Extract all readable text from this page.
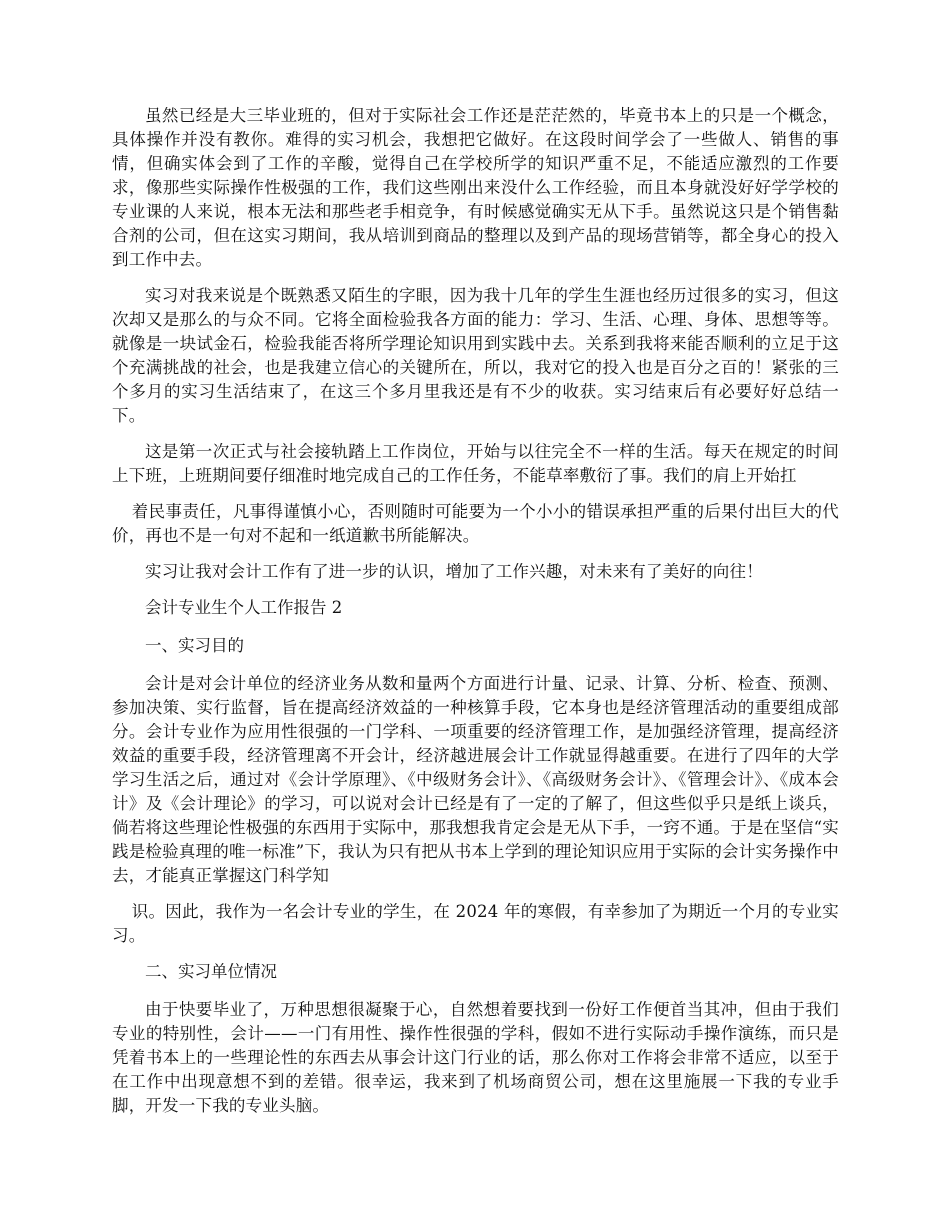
虽然已经是大三毕业班的，但对于实际社会工作还是茫茫然的，毕竟书本上的只是一个概念，具体操作并没有教你。难得的实习机会，我想把它做好。在这段时间学会了一些做人、销售的事情，但确实体会到了工作的辛酸，觉得自己在学校所学的知识严重不足，不能适应激烈的工作要求，像那些实际操作性极强的工作，我们这些刚出来没什么工作经验，而且本身就没好好学学校的专业课的人来说，根本无法和那些老手相竞争，有时候感觉确实无从下手。虽然说这只是个销售黏合剂的公司，但在这实习期间，我从培训到商品的整理以及到产品的现场营销等，都全身心的投入到工作中去。

实习对我来说是个既熟悉又陌生的字眼，因为我十几年的学生生涯也经历过很多的实习，但这次却又是那么的与众不同。它将全面检验我各方面的能力：学习、生活、心理、身体、思想等等。就像是一块试金石，检验我能否将所学理论知识用到实践中去。关系到我将来能否顺利的立足于这个充满挑战的社会，也是我建立信心的关键所在，所以，我对它的投入也是百分之百的！紧张的三个多月的实习生活结束了，在这三个多月里我还是有不少的收获。实习结束后有必要好好总结一下。

这是第一次正式与社会接轨踏上工作岗位，开始与以往完全不一样的生活。每天在规定的时间上下班，上班期间要仔细准时地完成自己的工作任务，不能草率敷衍了事。我们的肩上开始扛

着民事责任，凡事得谨慎小心，否则随时可能要为一个小小的错误承担严重的后果付出巨大的代价，再也不是一句对不起和一纸道歉书所能解决。

实习让我对会计工作有了进一步的认识，增加了工作兴趣，对未来有了美好的向往！

会计专业生个人工作报告 2

一、实习目的

会计是对会计单位的经济业务从数和量两个方面进行计量、记录、计算、分析、检查、预测、参加决策、实行监督，旨在提高经济效益的一种核算手段，它本身也是经济管理活动的重要组成部分。会计专业作为应用性很强的一门学科、一项重要的经济管理工作，是加强经济管理，提高经济效益的重要手段，经济管理离不开会计，经济越进展会计工作就显得越重要。在进行了四年的大学学习生活之后，通过对《会计学原理》、《中级财务会计》、《高级财务会计》、《管理会计》、《成本会计》及《会计理论》的学习，可以说对会计已经是有了一定的了解了，但这些似乎只是纸上谈兵，倘若将这些理论性极强的东西用于实际中，那我想我肯定会是无从下手，一窍不通。于是在坚信“实践是检验真理的唯一标准”下，我认为只有把从书本上学到的理论知识应用于实际的会计实务操作中去，才能真正掌握这门科学知

识。因此，我作为一名会计专业的学生，在 2024 年的寒假，有幸参加了为期近一个月的专业实习。

二、实习单位情况

由于快要毕业了，万种思想很凝聚于心，自然想着要找到一份好工作便首当其冲，但由于我们专业的特别性，会计——一门有用性、操作性很强的学科，假如不进行实际动手操作演练，而只是凭着书本上的一些理论性的东西去从事会计这门行业的话，那么你对工作将会非常不适应，以至于在工作中出现意想不到的差错。很幸运，我来到了机场商贸公司，想在这里施展一下我的专业手脚，开发一下我的专业头脑。
